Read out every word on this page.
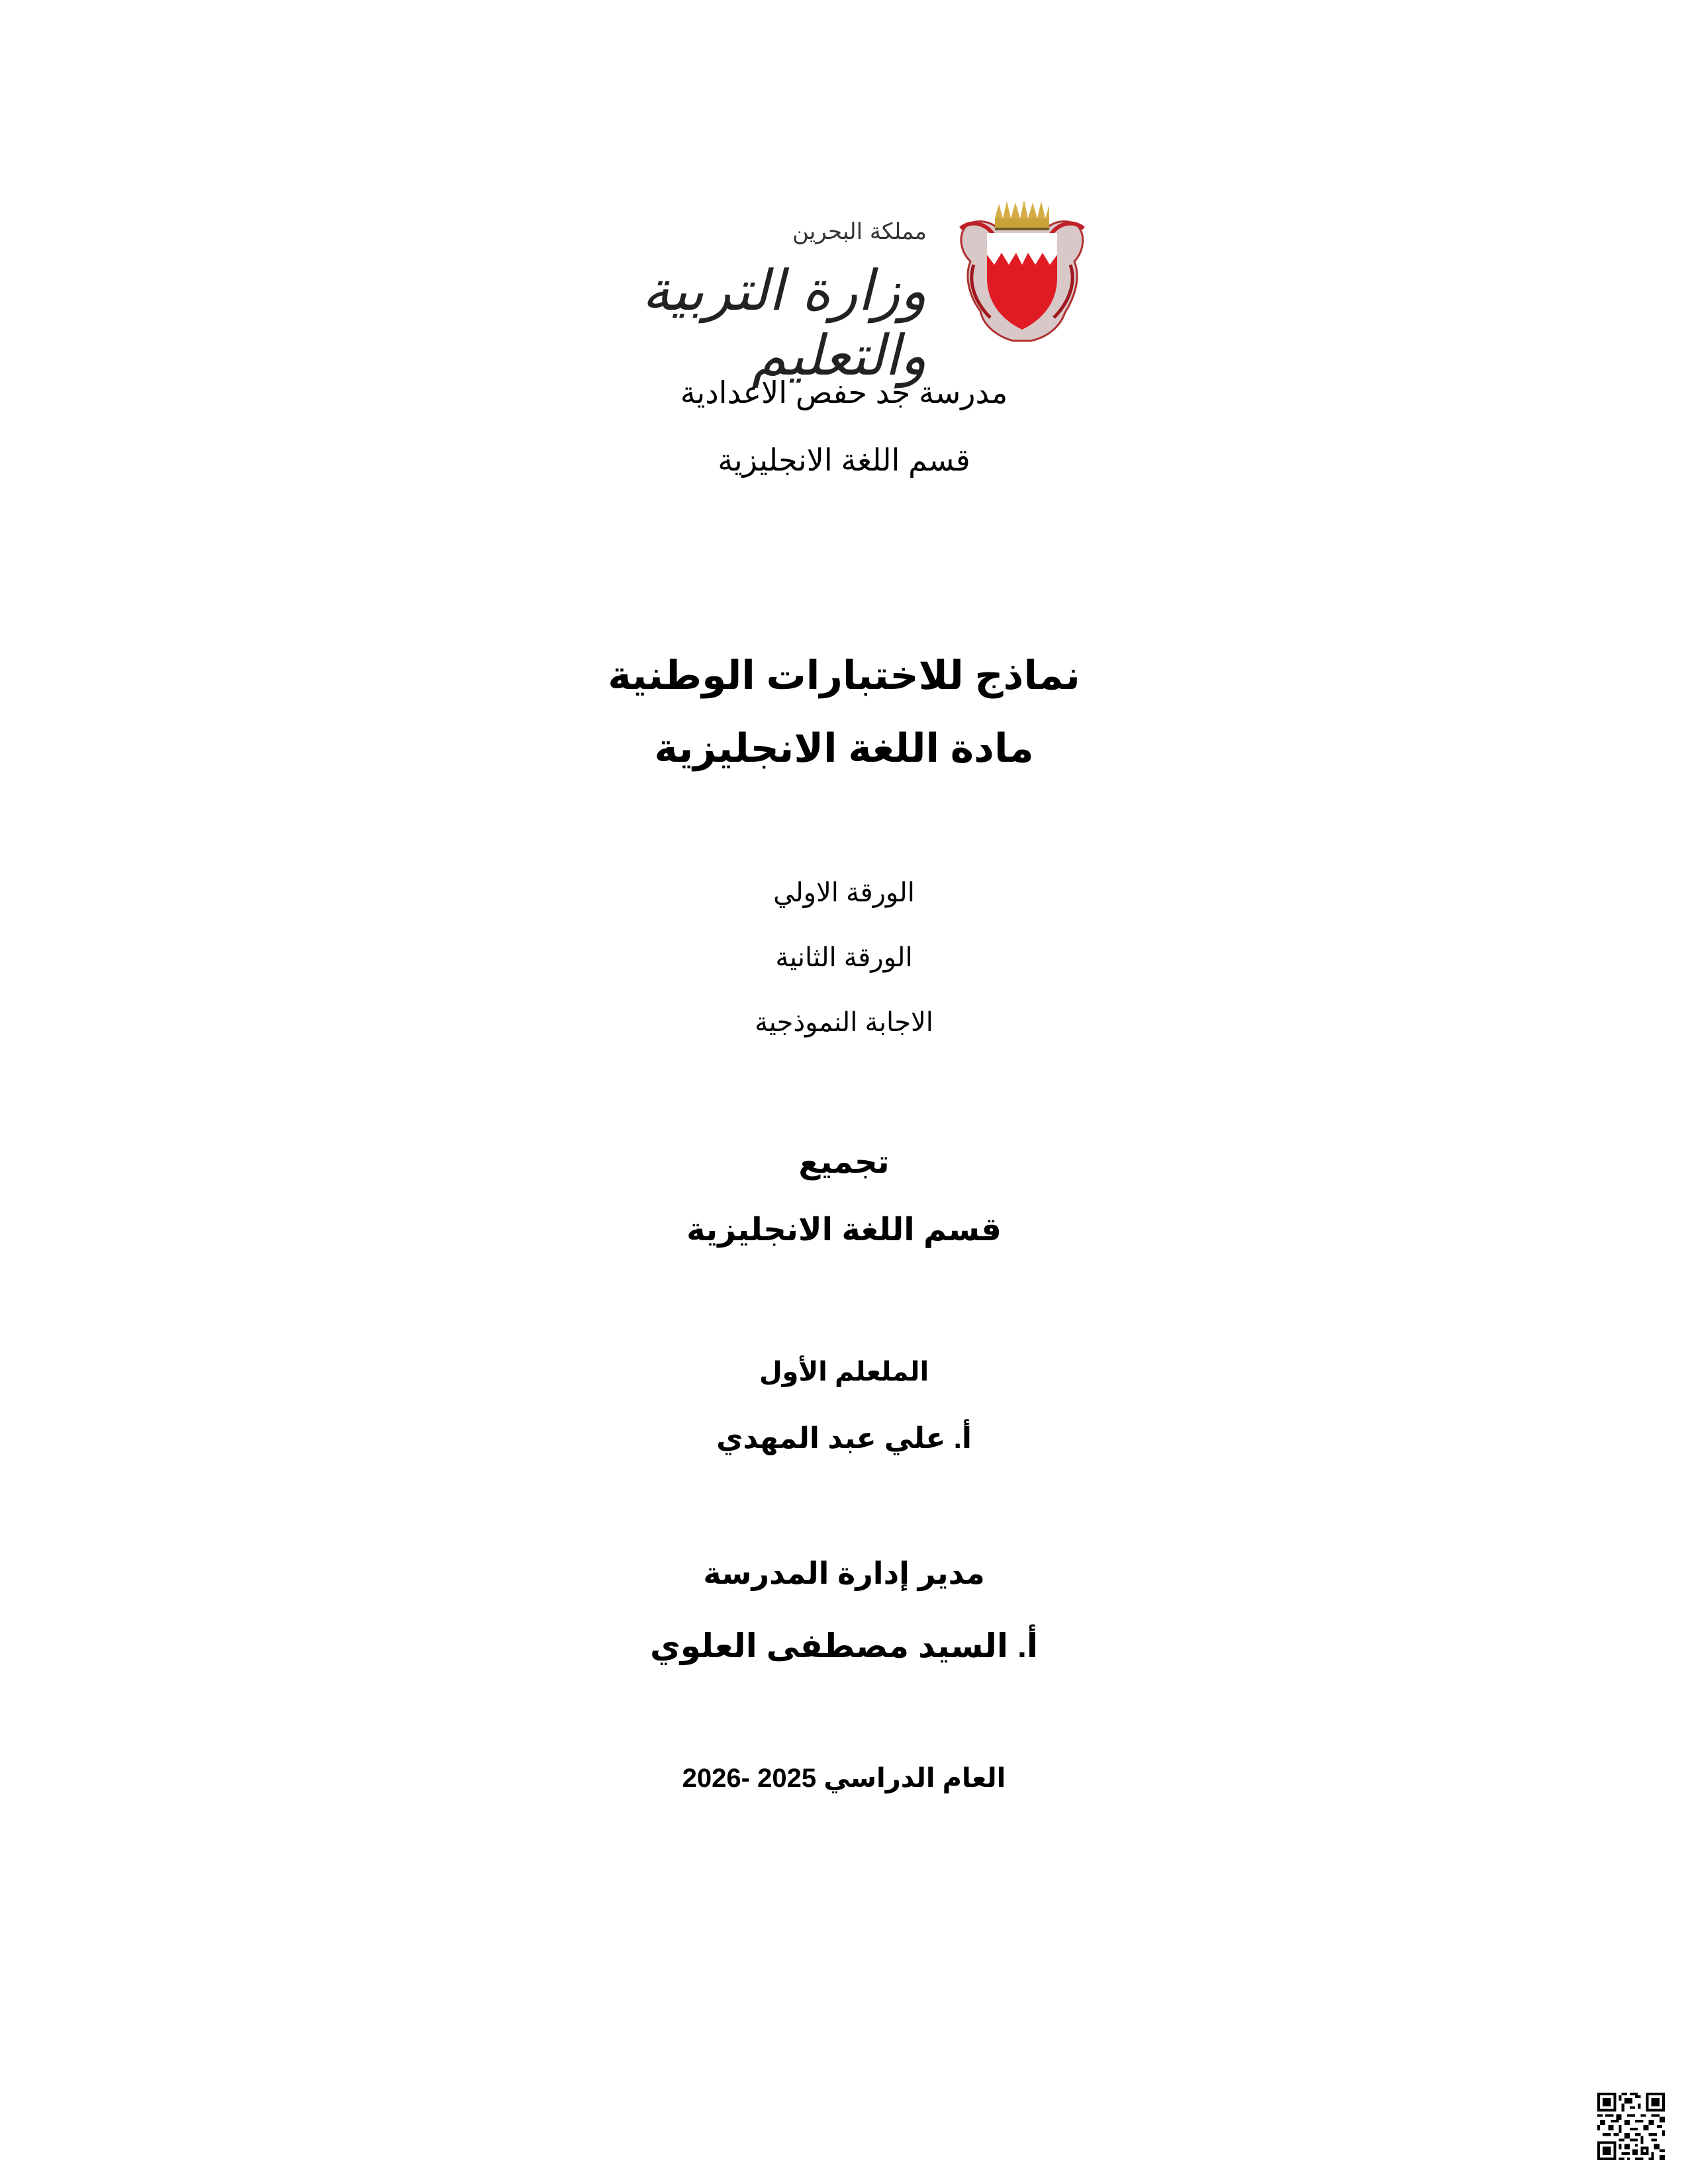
مملكة البحرين
وزارة التربية والتعليم
مدرسة جد حفص الاعدادية
قسم اللغة الانجليزية
نماذج للاختبارات الوطنية
مادة اللغة الانجليزية
الورقة الاولي
الورقة الثانية
الاجابة النموذجية
تجميع
قسم اللغة الانجليزية
الملعلم الأول
أ. علي عبد المهدي
مدير إدارة المدرسة
أ. السيد مصطفى العلوي
العام الدراسي 2025 -2026
